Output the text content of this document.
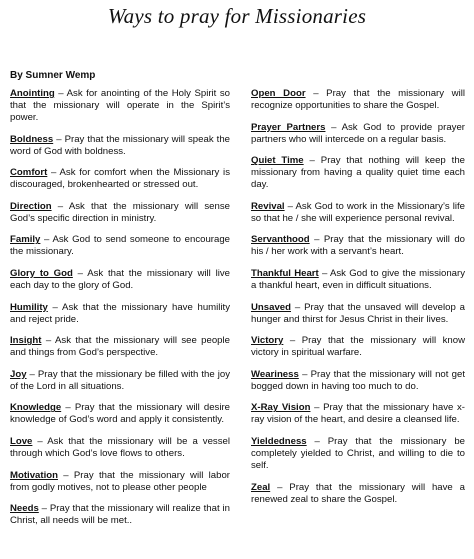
Ways to pray for Missionaries
By Sumner Wemp

Anointing – Ask for anointing of the Holy Spirit so that the missionary will operate in the Spirit’s power.

Boldness – Pray that the missionary will speak the word of God with boldness.

Comfort – Ask for comfort when the Missionary is discouraged, brokenhearted or stressed out.

Direction – Ask that the missionary will sense God’s specific direction in ministry.

Family – Ask God to send someone to encourage the missionary.

Glory to God – Ask that the missionary will live each day to the glory of God.

Humility – Ask that the missionary have humility and reject pride.

Insight – Ask that the missionary will see people and things from God’s perspective.

Joy – Pray that the missionary be filled with the joy of the Lord in all situations.

Knowledge – Pray that the missionary will desire knowledge of God’s word and apply it consistently.

Love – Ask that the missionary will be a vessel through which God’s love flows to others.

Motivation – Pray that the missionary will labor from godly motives, not to please other people

Needs – Pray that the missionary will realize that in Christ, all needs will be met..

Open Door – Pray that the missionary will recognize opportunities to share the Gospel.

Prayer Partners – Ask God to provide prayer partners who will intercede on a regular basis.

Quiet Time – Pray that nothing will keep the missionary from having a quality quiet time each day.

Revival – Ask God to work in the Missionary’s life so that he / she will experience personal revival.

Servanthood – Pray that the missionary will do his / her work with a servant’s heart.

Thankful Heart – Ask God to give the missionary a thankful heart, even in difficult situations.

Unsaved – Pray that the unsaved will develop a hunger and thirst for Jesus Christ in their lives.

Victory – Pray that the missionary will know victory in spiritual warfare.

Weariness – Pray that the missionary will not get bogged down in having too much to do.

X-Ray Vision – Pray that the missionary have x-ray vision of the heart, and desire a cleansed life.

Yieldedness – Pray that the missionary be completely yielded to Christ, and willing to die to self.

Zeal – Pray that the missionary will have a renewed zeal to share the Gospel.
